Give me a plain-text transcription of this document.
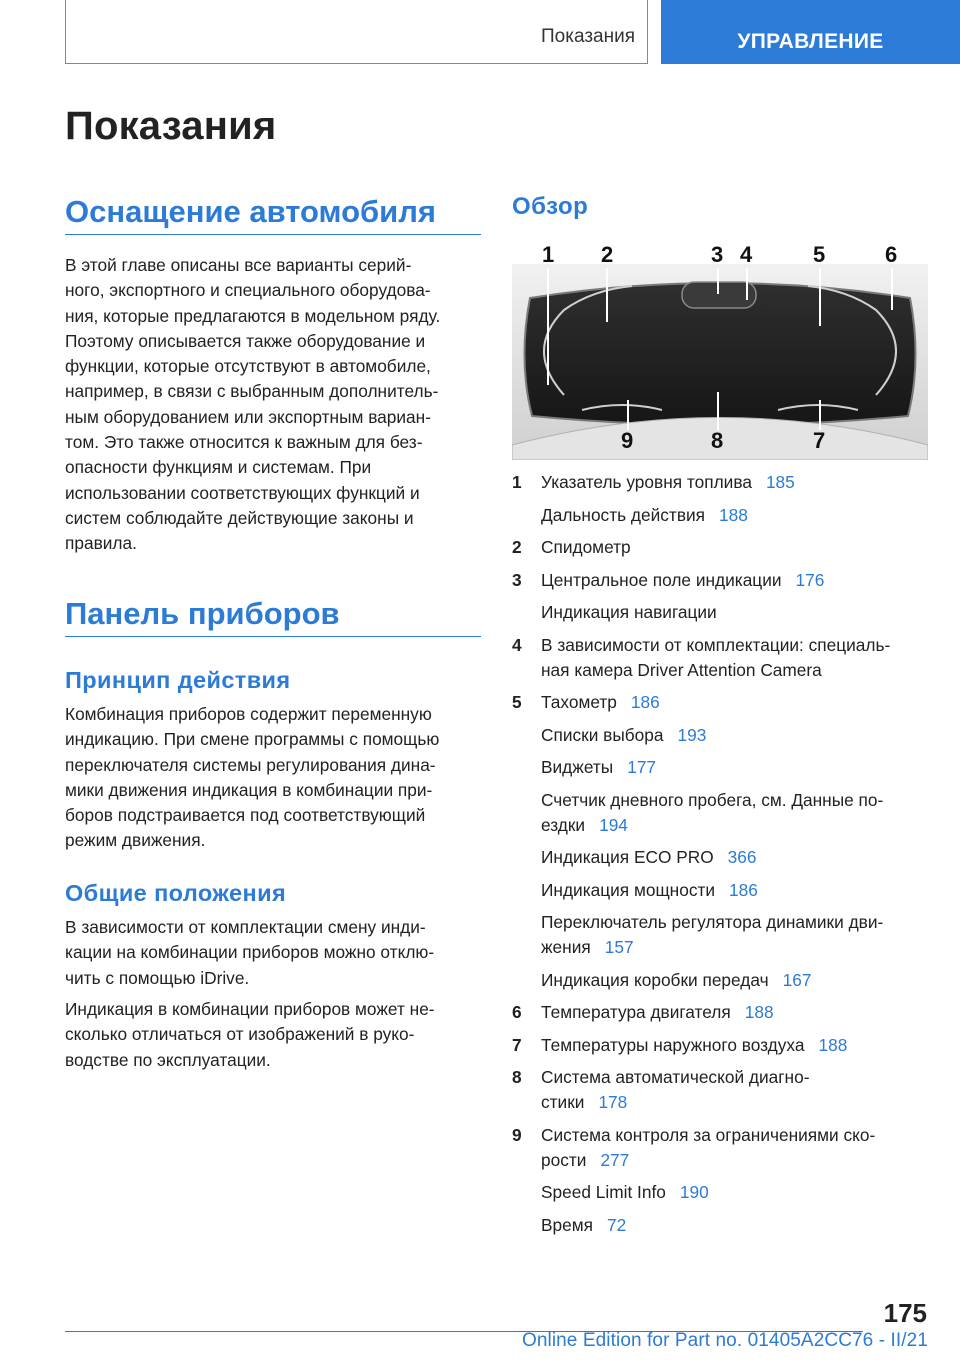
Показания	УПРАВЛЕНИЕ
Показания
Оснащение автомобиля

В этой главе описаны все варианты серий-
ного, экспортного и специального оборудова-
ния, которые предлагаются в модельном ряду.
Поэтому описывается также оборудование и
функции, которые отсутствуют в автомобиле,
например, в связи с выбранным дополнитель-
ным оборудованием или экспортным вариан-
том. Это также относится к важным для без-
опасности функциям и системам. При
использовании соответствующих функций и
систем соблюдайте действующие законы и
правила.

Панель приборов
Принцип действия

Комбинация приборов содержит переменную
индикацию. При смене программы с помощью
переключателя системы регулирования дина-
мики движения индикация в комбинации при-
боров подстраивается под соответствующий
режим движения.

Общие положения

В зависимости от комплектации смену инди-
кации на комбинации приборов можно отклю-
чить с помощью iDrive.

Индикация в комбинации приборов может не-
сколько отличаться от изображений в руко-
водстве по эксплуатации.

Обзор
1 2	3 4	5	6
7
8
9
1	Указатель уровня топлива 185
Дальность действия 188
2	Спидометр
3	Центральное поле индикации 176
Индикация навигации
4	В зависимости от комплектации: специаль-
ная камера Driver Attention Camera
5	Тахометр 186
Списки выбора 193
Виджеты 177
Счетчик дневного пробега, см. Данные по-
ездки 194
Индикация ECO PRO 366
Индикация мощности 186
Переключатель регулятора динамики дви-
жения 157
Индикация коробки передач 167
6	Температура двигателя 188
7	Температуры наружного воздуха 188
8	Система автоматической диагно-
стики 178
9	Система контроля за ограничениями ско-
рости 277
Speed Limit Info 190
Время 72
175
Online Edition for Part no. 01405A2CC76 - II/21
